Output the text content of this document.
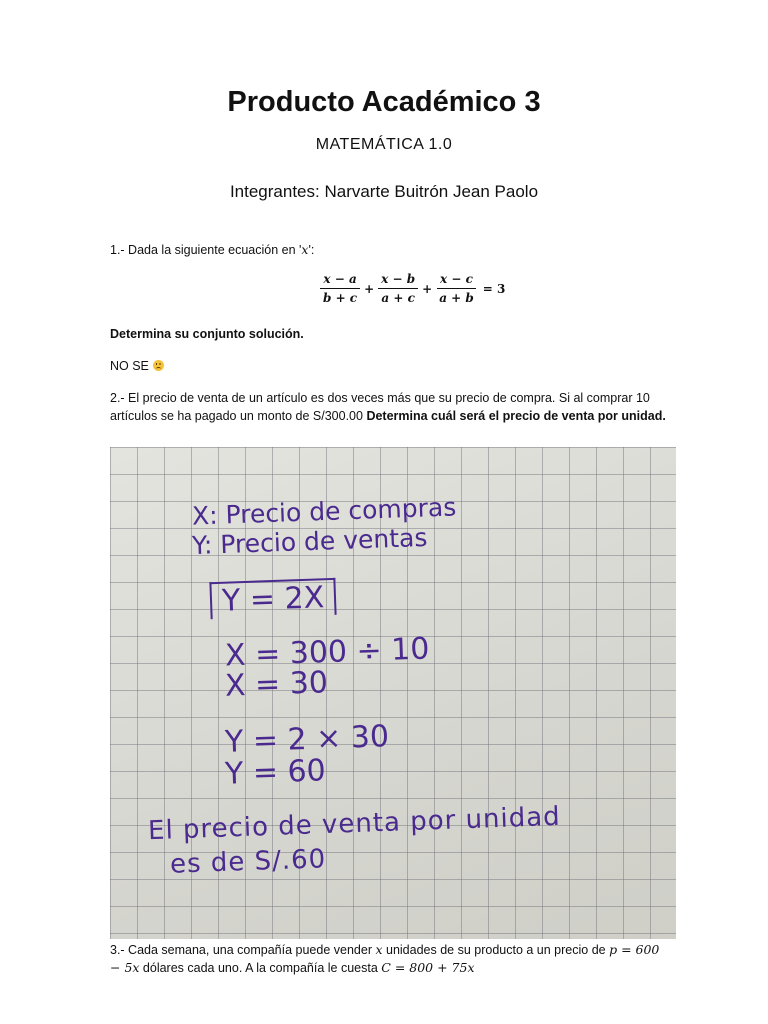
Producto Académico 3
MATEMÁTICA 1.0
Integrantes: Narvarte Buitrón Jean Paolo
1.- Dada la siguiente ecuación en 'x':
$\frac{x - a}{b + c} + \frac{x - b}{a + c} + \frac{x - c}{a + b} = 3$
Determina su conjunto solución.
NO SE
2.- El precio de venta de un artículo es dos veces más que su precio de compra. Si al comprar 10 artículos se ha pagado un monto de S/300.00 Determina cuál será el precio de venta por unidad.
X: Precio de compras
Y: Precio de ventas
Y = 2X
X = 300 ÷ 10
X = 30
Y = 2 × 30
Y = 60
El precio de venta por unidad
es de S/.60
3.- Cada semana, una compañía puede vender x unidades de su producto a un precio de p = 600 − 5x dólares cada uno. A la compañía le cuesta C = 800 + 75x
